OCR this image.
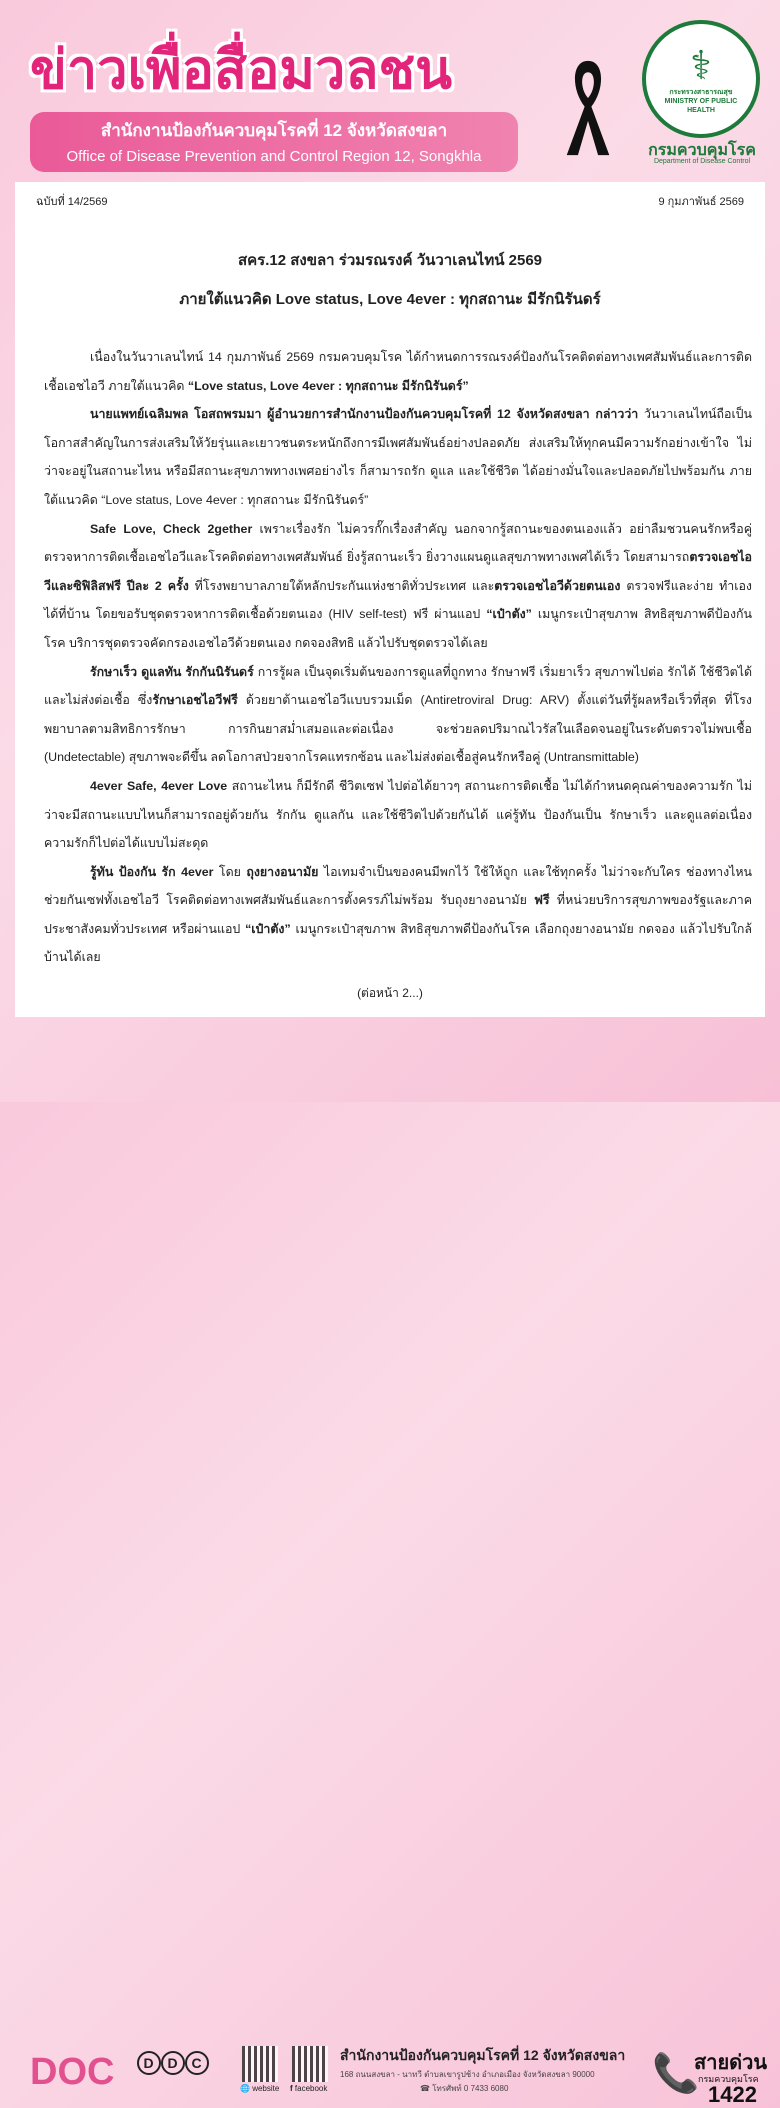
ข่าวเพื่อสื่อมวลชน
สำนักงานป้องกันควบคุมโรคที่ 12 จังหวัดสงขลา
Office of Disease Prevention and Control Region 12, Songkhla
⚕
กระทรวงสาธารณสุข MINISTRY OF PUBLIC HEALTH
กรมควบคุมโรค
Department of Disease Control
ฉบับที่ 14/2569	9 กุมภาพันธ์ 2569
สคร.12 สงขลา ร่วมรณรงค์ วันวาเลนไทน์ 2569
ภายใต้แนวคิด Love status, Love 4ever : ทุกสถานะ มีรักนิรันดร์

เนื่องในวันวาเลนไทน์ 14 กุมภาพันธ์ 2569 กรมควบคุมโรค ได้กำหนดการรณรงค์ป้องกันโรคติดต่อทางเพศสัมพันธ์และการติดเชื้อเอชไอวี ภายใต้แนวคิด “Love status, Love 4ever : ทุกสถานะ มีรักนิรันดร์”

นายแพทย์เฉลิมพล โอสถพรมมา ผู้อำนวยการสำนักงานป้องกันควบคุมโรคที่ 12 จังหวัดสงขลา กล่าวว่า วันวาเลนไทน์ถือเป็นโอกาสสำคัญในการส่งเสริมให้วัยรุ่นและเยาวชนตระหนักถึงการมีเพศสัมพันธ์อย่างปลอดภัย ส่งเสริมให้ทุกคนมีความรักอย่างเข้าใจ ไม่ว่าจะอยู่ในสถานะไหน หรือมีสถานะสุขภาพทางเพศอย่างไร ก็สามารถรัก ดูแล และใช้ชีวิต ได้อย่างมั่นใจและปลอดภัยไปพร้อมกัน ภายใต้แนวคิด “Love status, Love 4ever : ทุกสถานะ มีรักนิรันดร์”

Safe Love, Check 2gether เพราะเรื่องรัก ไม่ควรกั๊กเรื่องสำคัญ นอกจากรู้สถานะของตนเองแล้ว อย่าลืมชวนคนรักหรือคู่ตรวจหาการติดเชื้อเอชไอวีและโรคติดต่อทางเพศสัมพันธ์ ยิ่งรู้สถานะเร็ว ยิ่งวางแผนดูแลสุขภาพทางเพศได้เร็ว โดยสามารถตรวจเอชไอวีและซิฟิลิสฟรี ปีละ 2 ครั้ง ที่โรงพยาบาลภายใต้หลักประกันแห่งชาติทั่วประเทศ และตรวจเอชไอวีด้วยตนเอง ตรวจฟรีและง่าย ทำเองได้ที่บ้าน โดยขอรับชุดตรวจหาการติดเชื้อด้วยตนเอง (HIV self-test) ฟรี ผ่านแอป “เป๋าตัง” เมนูกระเป๋าสุขภาพ สิทธิสุขภาพดีป้องกันโรค บริการชุดตรวจคัดกรองเอชไอวีด้วยตนเอง กดจองสิทธิ แล้วไปรับชุดตรวจได้เลย

รักษาเร็ว ดูแลทัน รักกันนิรันดร์ การรู้ผล เป็นจุดเริ่มต้นของการดูแลที่ถูกทาง รักษาฟรี เริ่มยาเร็ว สุขภาพไปต่อ รักได้ ใช้ชีวิตได้ และไม่ส่งต่อเชื้อ ซึ่งรักษาเอชไอวีฟรี ด้วยยาต้านเอชไอวีแบบรวมเม็ด (Antiretroviral Drug: ARV) ตั้งแต่วันที่รู้ผลหรือเร็วที่สุด ที่โรงพยาบาลตามสิทธิการรักษา การกินยาสม่ำเสมอและต่อเนื่อง จะช่วยลดปริมาณไวรัสในเลือดจนอยู่ในระดับตรวจไม่พบเชื้อ (Undetectable) สุขภาพจะดีขึ้น ลดโอกาสป่วยจากโรคแทรกซ้อน และไม่ส่งต่อเชื้อสู่คนรักหรือคู่ (Untransmittable)

4ever Safe, 4ever Love สถานะไหน ก็มีรักดี ชีวิตเซฟ ไปต่อได้ยาวๆ สถานะการติดเชื้อ ไม่ได้กำหนดคุณค่าของความรัก ไม่ว่าจะมีสถานะแบบไหนก็สามารถอยู่ด้วยกัน รักกัน ดูแลกัน และใช้ชีวิตไปด้วยกันได้ แค่รู้ทัน ป้องกันเป็น รักษาเร็ว และดูแลต่อเนื่อง ความรักก็ไปต่อได้แบบไม่สะดุด

รู้ทัน ป้องกัน รัก 4ever โดย ถุงยางอนามัย ไอเทมจำเป็นของคนมีพกไว้ ใช้ให้ถูก และใช้ทุกครั้ง ไม่ว่าจะกับใคร ช่องทางไหน ช่วยกันเซฟทั้งเอชไอวี โรคติดต่อทางเพศสัมพันธ์และการตั้งครรภ์ไม่พร้อม รับถุงยางอนามัย ฟรี ที่หน่วยบริการสุขภาพของรัฐและภาคประชาสังคมทั่วประเทศ หรือผ่านแอป “เป๋าตัง” เมนูกระเป๋าสุขภาพ สิทธิสุขภาพดีป้องกันโรค เลือกถุงยางอนามัย กดจอง แล้วไปรับใกล้บ้านได้เลย

(ต่อหน้า 2...)
DOC	D D C
🌐 website f facebook
สำนักงานป้องกันควบคุมโรคที่ 12 จังหวัดสงขลา
168 ถนนสงขลา - นาทวี ตำบลเขารูปช้าง อำเภอเมือง จังหวัดสงขลา 90000
☎ โทรศัพท์ 0 7433 6080	📞
สายด่วน
กรมควบคุมโรค
1422
